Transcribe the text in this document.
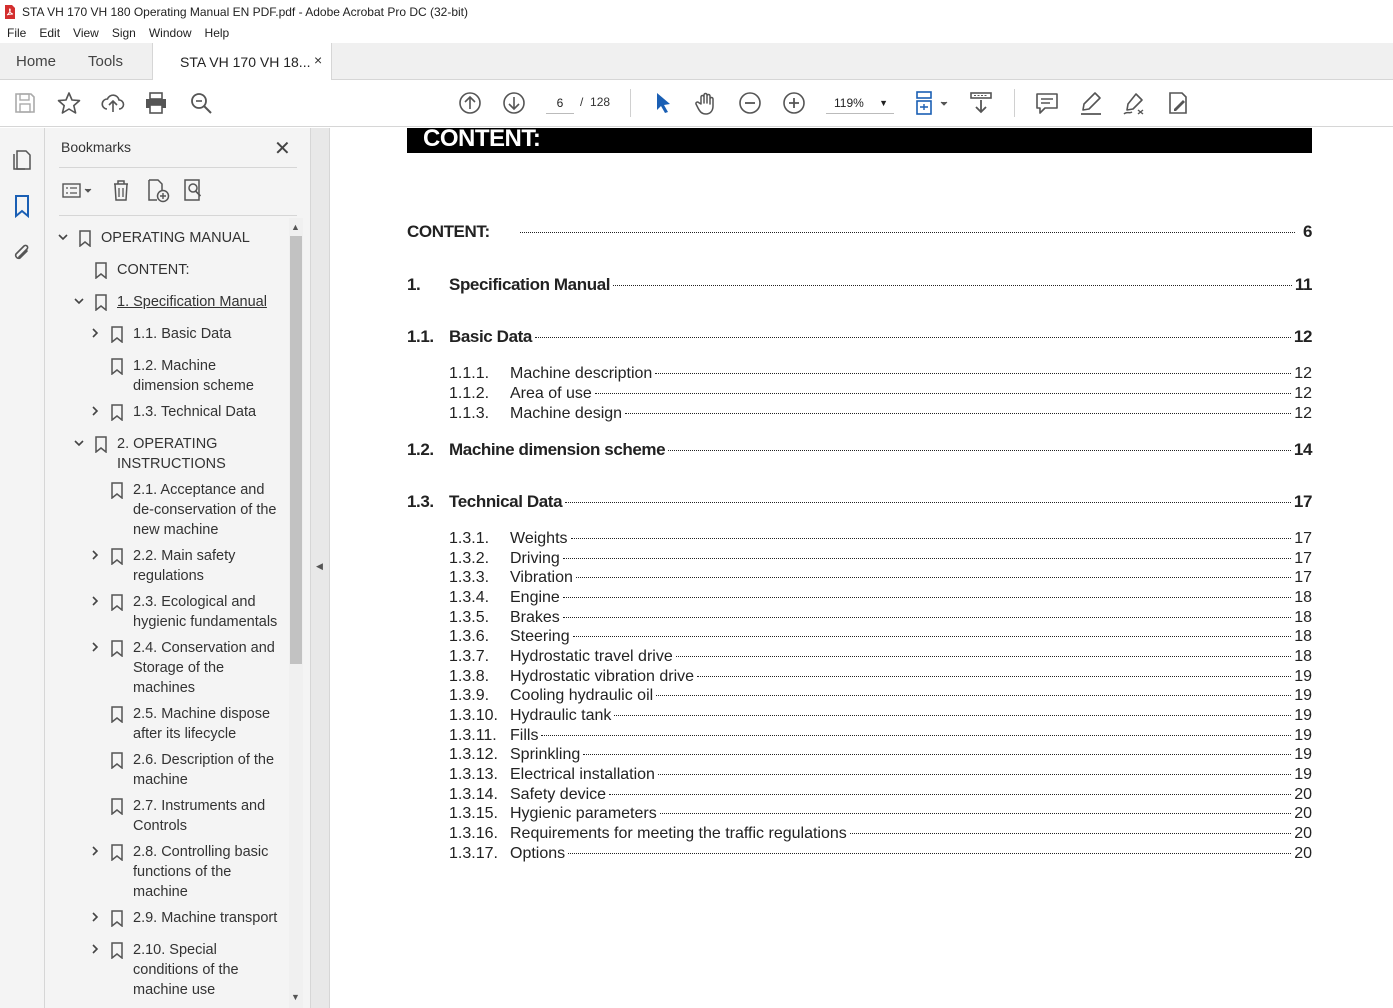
STA VH 170 VH 180 Operating Manual EN PDF.pdf - Adobe Acrobat Pro DC (32-bit)
File Edit View Sign Window Help
Home Tools	STA VH 170 VH 18... ×
6	/ 128	119% ▼
Bookmarks	✕
OPERATING MANUAL
CONTENT:
1. Specification Manual
1.1. Basic Data
1.2. Machine dimension scheme
1.3. Technical Data
2. OPERATING INSTRUCTIONS
2.1. Acceptance and de-conservation of the new machine
2.2. Main safety regulations
2.3. Ecological and hygienic fundamentals
2.4. Conservation and Storage of the machines
2.5. Machine dispose after its lifecycle
2.6. Description of the machine
2.7. Instruments and Controls
2.8. Controlling basic functions of the machine
2.9. Machine transport
2.10. Special conditions of the machine use
▲
▼
◀
CONTENT:
CONTENT:	6
1.	Specification Manual	11
1.1. Basic Data	12
1.1.1.	Machine description	12
1.1.2.	Area of use	12
1.1.3.	Machine design	12
1.2. Machine dimension scheme	14
1.3. Technical Data	17
1.3.1.	Weights	17
1.3.2.	Driving	17
1.3.3.	Vibration	17
1.3.4.	Engine	18
1.3.5.	Brakes	18
1.3.6.	Steering	18
1.3.7.	Hydrostatic travel drive	18
1.3.8.	Hydrostatic vibration drive	19
1.3.9.	Cooling hydraulic oil	19
1.3.10. Hydraulic tank	19
1.3.11. Fills	19
1.3.12. Sprinkling	19
1.3.13. Electrical installation	19
1.3.14. Safety device	20
1.3.15. Hygienic parameters	20
1.3.16. Requirements for meeting the traffic regulations	20
1.3.17. Options	20
